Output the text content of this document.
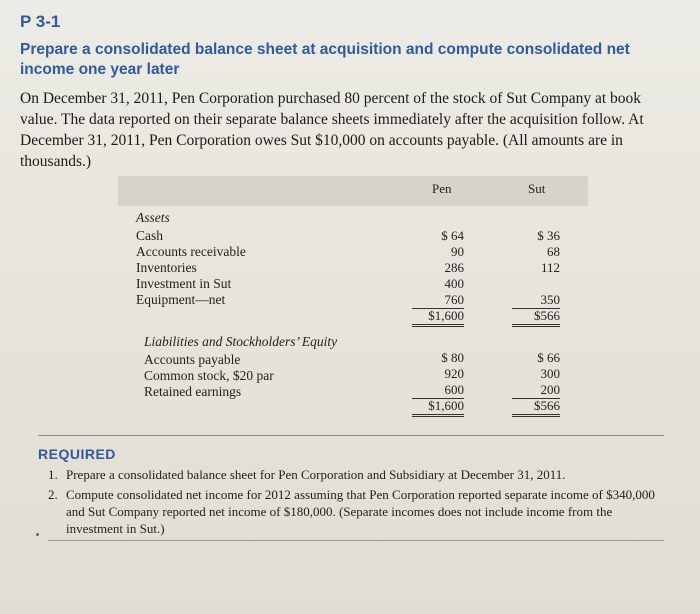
P 3-1
Prepare a consolidated balance sheet at acquisition and compute consolidated net income one year later
On December 31, 2011, Pen Corporation purchased 80 percent of the stock of Sut Company at book value. The data reported on their separate balance sheets immediately after the acquisition follow. At December 31, 2011, Pen Corporation owes Sut $10,000 on accounts payable. (All amounts are in thousands.)
Pen	Sut
Assets
Cash	$ 64	$ 36
Accounts receivable	90	68
Inventories	286	112
Investment in Sut	400
Equipment—net	760	350
$1,600	$566
Liabilities and Stockholders’ Equity
Accounts payable	$ 80	$ 66
Common stock, $20 par	920	300
Retained earnings	600	200
$1,600	$566
REQUIRED
1. Prepare a consolidated balance sheet for Pen Corporation and Subsidiary at December 31, 2011.
2. Compute consolidated net income for 2012 assuming that Pen Corporation reported separate income of $340,000 and Sut Company reported net income of $180,000. (Separate incomes does not include income from the investment in Sut.)
